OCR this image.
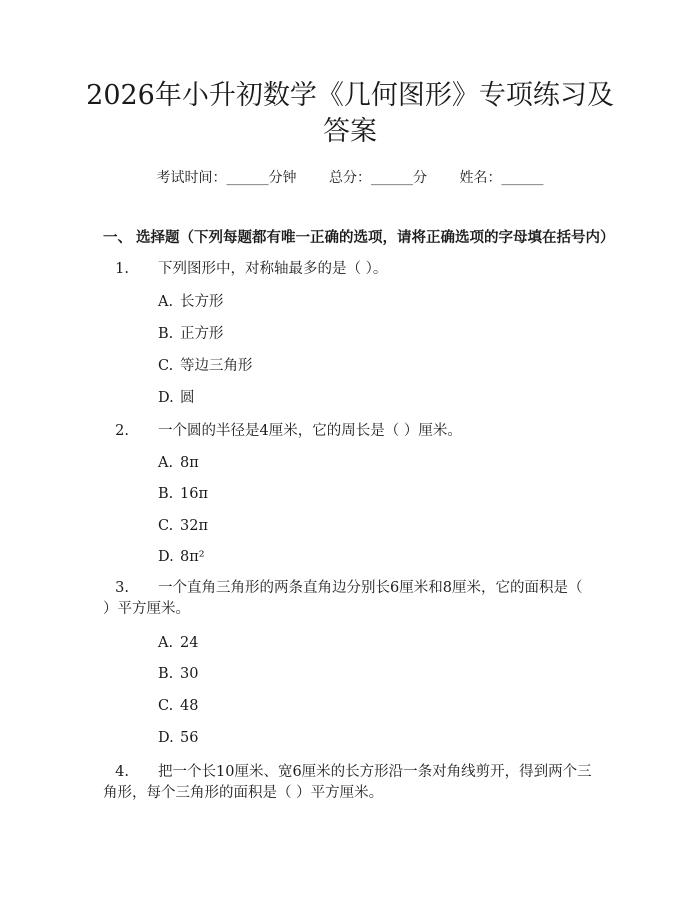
2026年小升初数学《几何图形》专项练习及答案
考试时间：______分钟 总分：______分 姓名：______
一、 选择题（下列每题都有唯一正确的选项，请将正确选项的字母填在括号内）
1. 下列图形中，对称轴最多的是（ ）。
A. 长方形
B. 正方形
C. 等边三角形
D. 圆
2. 一个圆的半径是4厘米，它的周长是（ ）厘米。
A. 8π
B. 16π
C. 32π
D. 8π²
3. 一个直角三角形的两条直角边分别长6厘米和8厘米，它的面积是（ ）平方厘米。
A. 24
B. 30
C. 48
D. 56
4. 把一个长10厘米、宽6厘米的长方形沿一条对角线剪开，得到两个三角形，每个三角形的面积是（ ）平方厘米。
